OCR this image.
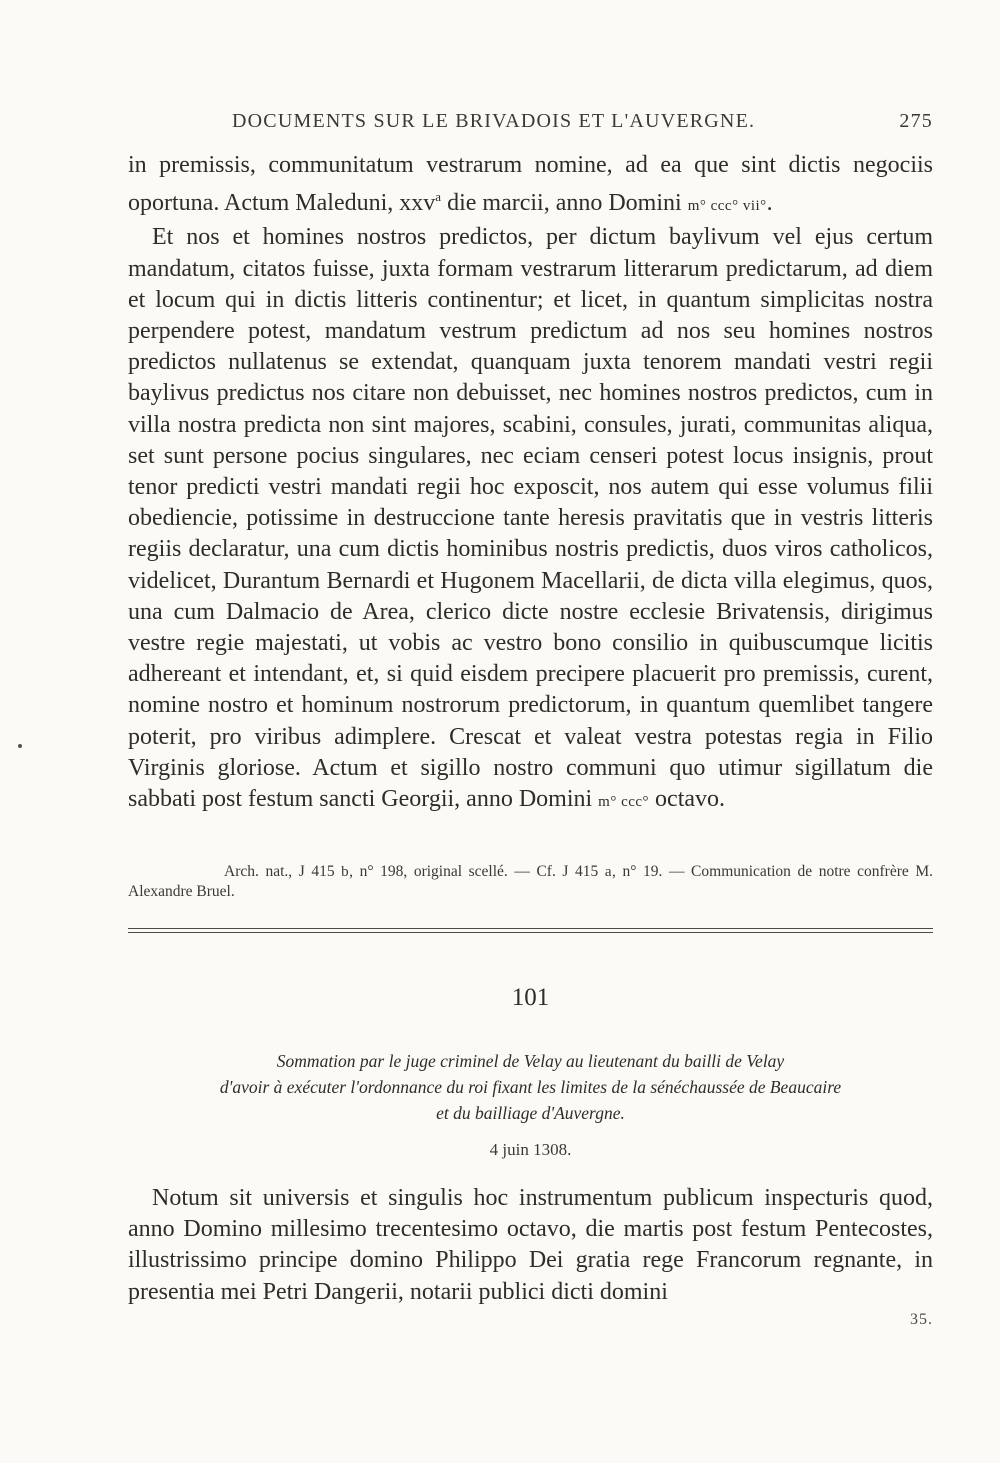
DOCUMENTS SUR LE BRIVADOIS ET L'AUVERGNE.	275

in premissis, communitatum vestrarum nomine, ad ea que sint dictis negociis oportuna. Actum Maleduni, xxv$^a$ die marcii, anno Domini m° ccc° vii°.

Et nos et homines nostros predictos, per dictum baylivum vel ejus certum mandatum, citatos fuisse, juxta formam vestrarum litterarum predictarum, ad diem et locum qui in dictis litteris continentur; et licet, in quantum simplicitas nostra perpendere potest, mandatum vestrum predictum ad nos seu homines nostros predictos nullatenus se extendat, quanquam juxta tenorem mandati vestri regii baylivus predictus nos citare non debuisset, nec homines nostros predictos, cum in villa nostra predicta non sint majores, scabini, consules, jurati, communitas aliqua, set sunt persone pocius singulares, nec eciam censeri potest locus insignis, prout tenor predicti vestri mandati regii hoc exposcit, nos autem qui esse volumus filii obediencie, potissime in destruccione tante heresis pravitatis que in vestris litteris regiis declaratur, una cum dictis hominibus nostris predictis, duos viros catholicos, videlicet, Durantum Bernardi et Hugonem Macellarii, de dicta villa elegimus, quos, una cum Dalmacio de Area, clerico dicte nostre ecclesie Brivatensis, dirigimus vestre regie majestati, ut vobis ac vestro bono consilio in quibuscumque licitis adhereant et intendant, et, si quid eisdem precipere placuerit pro premissis, curent, nomine nostro et hominum nostrorum predictorum, in quantum quemlibet tangere poterit, pro viribus adimplere. Crescat et valeat vestra potestas regia in Filio Virginis gloriose. Actum et sigillo nostro communi quo utimur sigillatum die sabbati post festum sancti Georgii, anno Domini m° ccc° octavo.

Arch. nat., J 415 b, n° 198, original scellé. — Cf. J 415 a, n° 19. — Communication de notre confrère M. Alexandre Bruel.
101
Sommation par le juge criminel de Velay au lieutenant du bailli de Velay
d'avoir à exécuter l'ordonnance du roi fixant les limites de la sénéchaussée de Beaucaire
et du bailliage d'Auvergne.
4 juin 1308.
Notum sit universis et singulis hoc instrumentum publicum inspecturis quod, anno Domino millesimo trecentesimo octavo, die martis post festum Pentecostes, illustrissimo principe domino Philippo Dei gratia rege Francorum regnante, in presentia mei Petri Dangerii, notarii publici dicti domini
35.
